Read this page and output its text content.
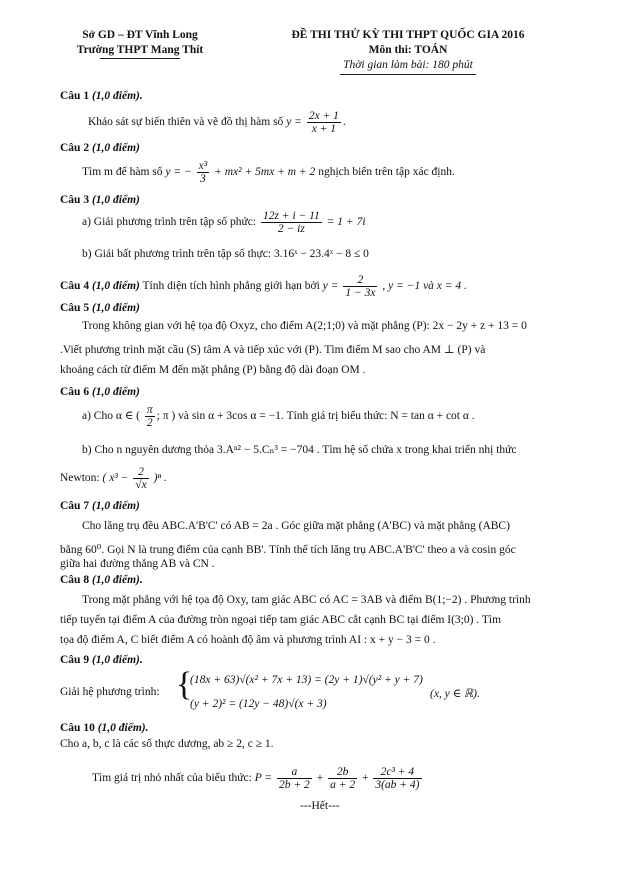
Sở GD – ĐT Vĩnh Long
Trường THPT Mang Thít
ĐỀ THI THỬ KỲ THI THPT QUỐC GIA 2016
Môn thi: TOÁN
Thời gian làm bài: 180 phút
Câu 1 (1,0 điểm).
Khảo sát sự biến thiên và vẽ đồ thị hàm số $y = \frac{2x + 1}{x + 1}$ .
Câu 2 (1,0 điểm)
Tìm m để hàm số y = − $\frac{\text{x³}}{3} + mx^2 + 5mx + m + 2$ nghịch biến trên tập xác định.
Câu 3 (1,0 điểm)
a) Giải phương trình trên tập số phức: $\frac{12z + i - 11}{2 - iz} = 1 + 7i$
b) Giải bất phương trình trên tập số thực: 3.16ˣ − 23.4ˣ − 8 ≤ 0
Câu 4 (1,0 điểm) Tính diện tích hình phẳng giới hạn bởi $y = \frac{2}{1 - 3x}$ , y = −1 và x = 4 .
Câu 5 (1,0 điểm)
Trong không gian với hệ tọa độ Oxyz, cho điểm A(2;1;0) và mặt phẳng (P): 2x − 2y + z + 13 = 0
.Viết phương trình mặt cầu (S) tâm A và tiếp xúc với (P). Tìm điểm M sao cho AM ⊥ (P) và
khoảng cách từ điểm M đến mặt phẳng (P) bằng độ dài đoạn OM .
Câu 6 (1,0 điểm)
a) Cho α ∈ ( $\frac{\pi}{2}$ ; π ) và sin α + 3cos α = −1. Tính giá trị biểu thức: N = tan α + cot α .
b) Cho n nguyên dương thỏa 3.Aⁿ² − 5.Cₙ³ = −704 . Tìm hệ số chứa x trong khai triển nhị thức
Newton: ( $x^3 - \frac{2}{√x} )^n$ .
Câu 7 (1,0 điểm)
Cho lăng trụ đều ABC.A'B'C' có AB = 2a . Góc giữa mặt phẳng (A'BC) và mặt phẳng (ABC)
bằng 60⁰. Gọi N là trung điểm của cạnh BB'. Tính thể tích lăng trụ ABC.A'B'C' theo a và cosin góc
giữa hai đường thẳng AB và CN .
Câu 8 (1,0 điểm).
Trong mặt phẳng với hệ tọa độ Oxy, tam giác ABC có AC = 3AB và điểm B(1;−2) . Phương trình
tiếp tuyến tại điểm A của đường tròn ngoại tiếp tam giác ABC cắt cạnh BC tại điểm I(3;0) . Tìm
tọa độ điểm A, C biết điểm A có hoành độ âm và phương trình AI : x + y − 3 = 0 .
Câu 9 (1,0 điểm).
Giải hệ phương trình: {
(18x + 63)√(x² + 7x + 13) = (2y + 1)√(y² + y + 7)
(y + 2)² = (12y − 48)√(x + 3)
(x, y ∈ ℝ).
Câu 10 (1,0 điểm).
Cho a, b, c là các số thực dương, ab ≥ 2, c ≥ 1.
Tìm giá trị nhỏ nhất của biểu thức: $P = \frac{a}{2b + 2} + \frac{2b}{a + 2} + \frac{\text{2c³ + 4}}{3(ab + 4)}$
---Hết---
